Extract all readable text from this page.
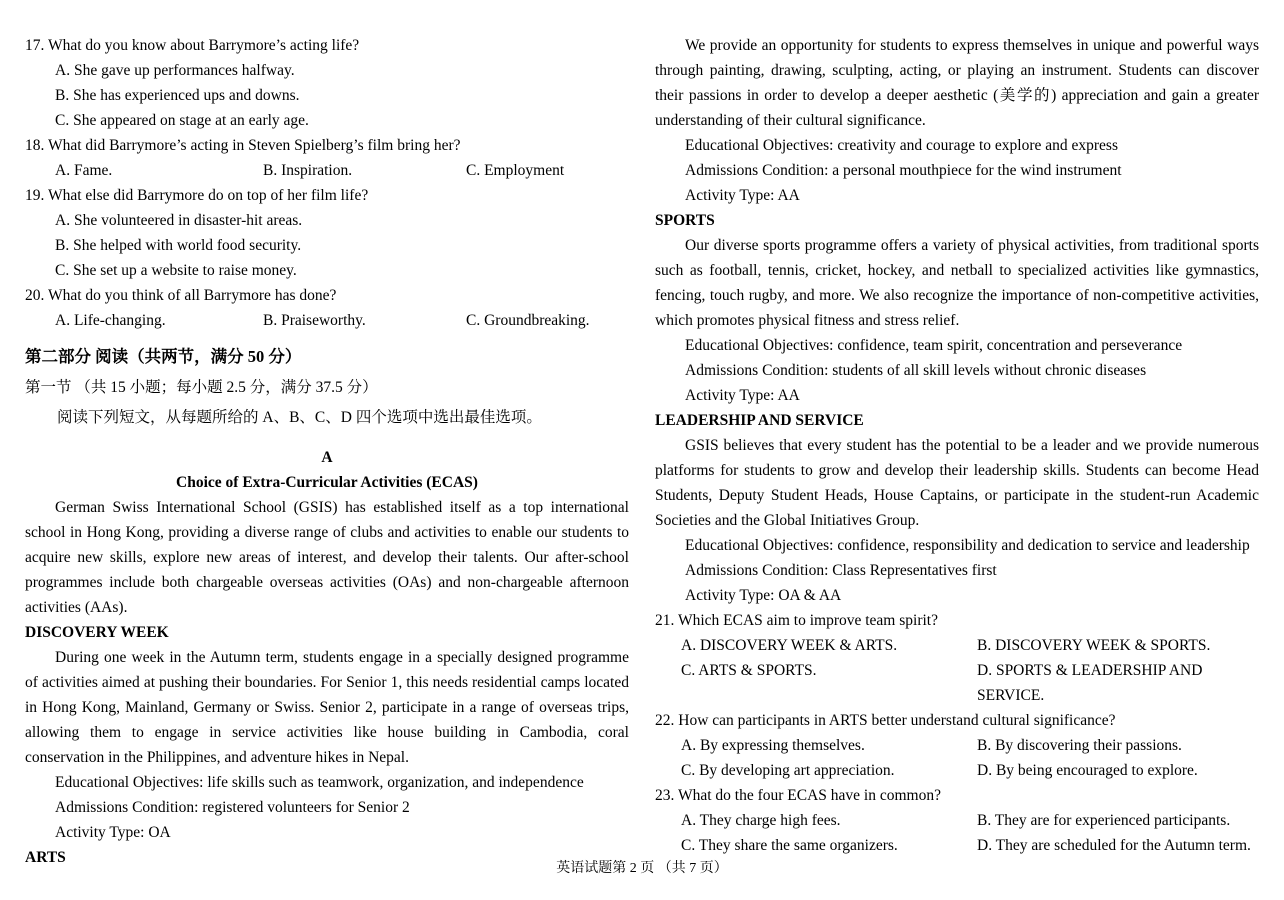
17. What do you know about Barrymore’s acting life?
A. She gave up performances halfway.
B. She has experienced ups and downs.
C. She appeared on stage at an early age.
18. What did Barrymore’s acting in Steven Spielberg’s film bring her?
A. Fame.	B. Inspiration.	C. Employment
19. What else did Barrymore do on top of her film life?
A. She volunteered in disaster-hit areas.
B. She helped with world food security.
C. She set up a website to raise money.
20. What do you think of all Barrymore has done?
A. Life-changing.	B. Praiseworthy.	C. Groundbreaking.
第二部分 阅读（共两节，满分 50 分）
第一节 （共 15 小题；每小题 2.5 分，满分 37.5 分）
阅读下列短文，从每题所给的 A、B、C、D 四个选项中选出最佳选项。
A
Choice of Extra-Curricular Activities (ECAS)

German Swiss International School (GSIS) has established itself as a top international school in Hong Kong, providing a diverse range of clubs and activities to enable our students to acquire new skills, explore new areas of interest, and develop their talents. Our after-school programmes include both chargeable overseas activities (OAs) and non-chargeable afternoon activities (AAs).

DISCOVERY WEEK

During one week in the Autumn term, students engage in a specially designed programme of activities aimed at pushing their boundaries. For Senior 1, this needs residential camps located in Hong Kong, Mainland, Germany or Swiss. Senior 2, participate in a range of overseas trips, allowing them to engage in service activities like house building in Cambodia, coral conservation in the Philippines, and adventure hikes in Nepal.

Educational Objectives: life skills such as teamwork, organization, and independence
Admissions Condition: registered volunteers for Senior 2
Activity Type: OA
ARTS

We provide an opportunity for students to express themselves in unique and powerful ways through painting, drawing, sculpting, acting, or playing an instrument. Students can discover their passions in order to develop a deeper aesthetic (美学的) appreciation and gain a greater understanding of their cultural significance.

Educational Objectives: creativity and courage to explore and express
Admissions Condition: a personal mouthpiece for the wind instrument
Activity Type: AA
SPORTS

Our diverse sports programme offers a variety of physical activities, from traditional sports such as football, tennis, cricket, hockey, and netball to specialized activities like gymnastics, fencing, touch rugby, and more. We also recognize the importance of non-competitive activities, which promotes physical fitness and stress relief.

Educational Objectives: confidence, team spirit, concentration and perseverance
Admissions Condition: students of all skill levels without chronic diseases
Activity Type: AA
LEADERSHIP AND SERVICE

GSIS believes that every student has the potential to be a leader and we provide numerous platforms for students to grow and develop their leadership skills. Students can become Head Students, Deputy Student Heads, House Captains, or participate in the student-run Academic Societies and the Global Initiatives Group.

Educational Objectives: confidence, responsibility and dedication to service and leadership
Admissions Condition: Class Representatives first
Activity Type: OA & AA
21. Which ECAS aim to improve team spirit?
A. DISCOVERY WEEK & ARTS.	B. DISCOVERY WEEK & SPORTS.
C. ARTS & SPORTS.	D. SPORTS & LEADERSHIP AND SERVICE.
22. How can participants in ARTS better understand cultural significance?
A. By expressing themselves.	B. By discovering their passions.
C. By developing art appreciation.	D. By being encouraged to explore.
23. What do the four ECAS have in common?
A. They charge high fees.	B. They are for experienced participants.
C. They share the same organizers.	D. They are scheduled for the Autumn term.
英语试题第 2 页 （共 7 页）
